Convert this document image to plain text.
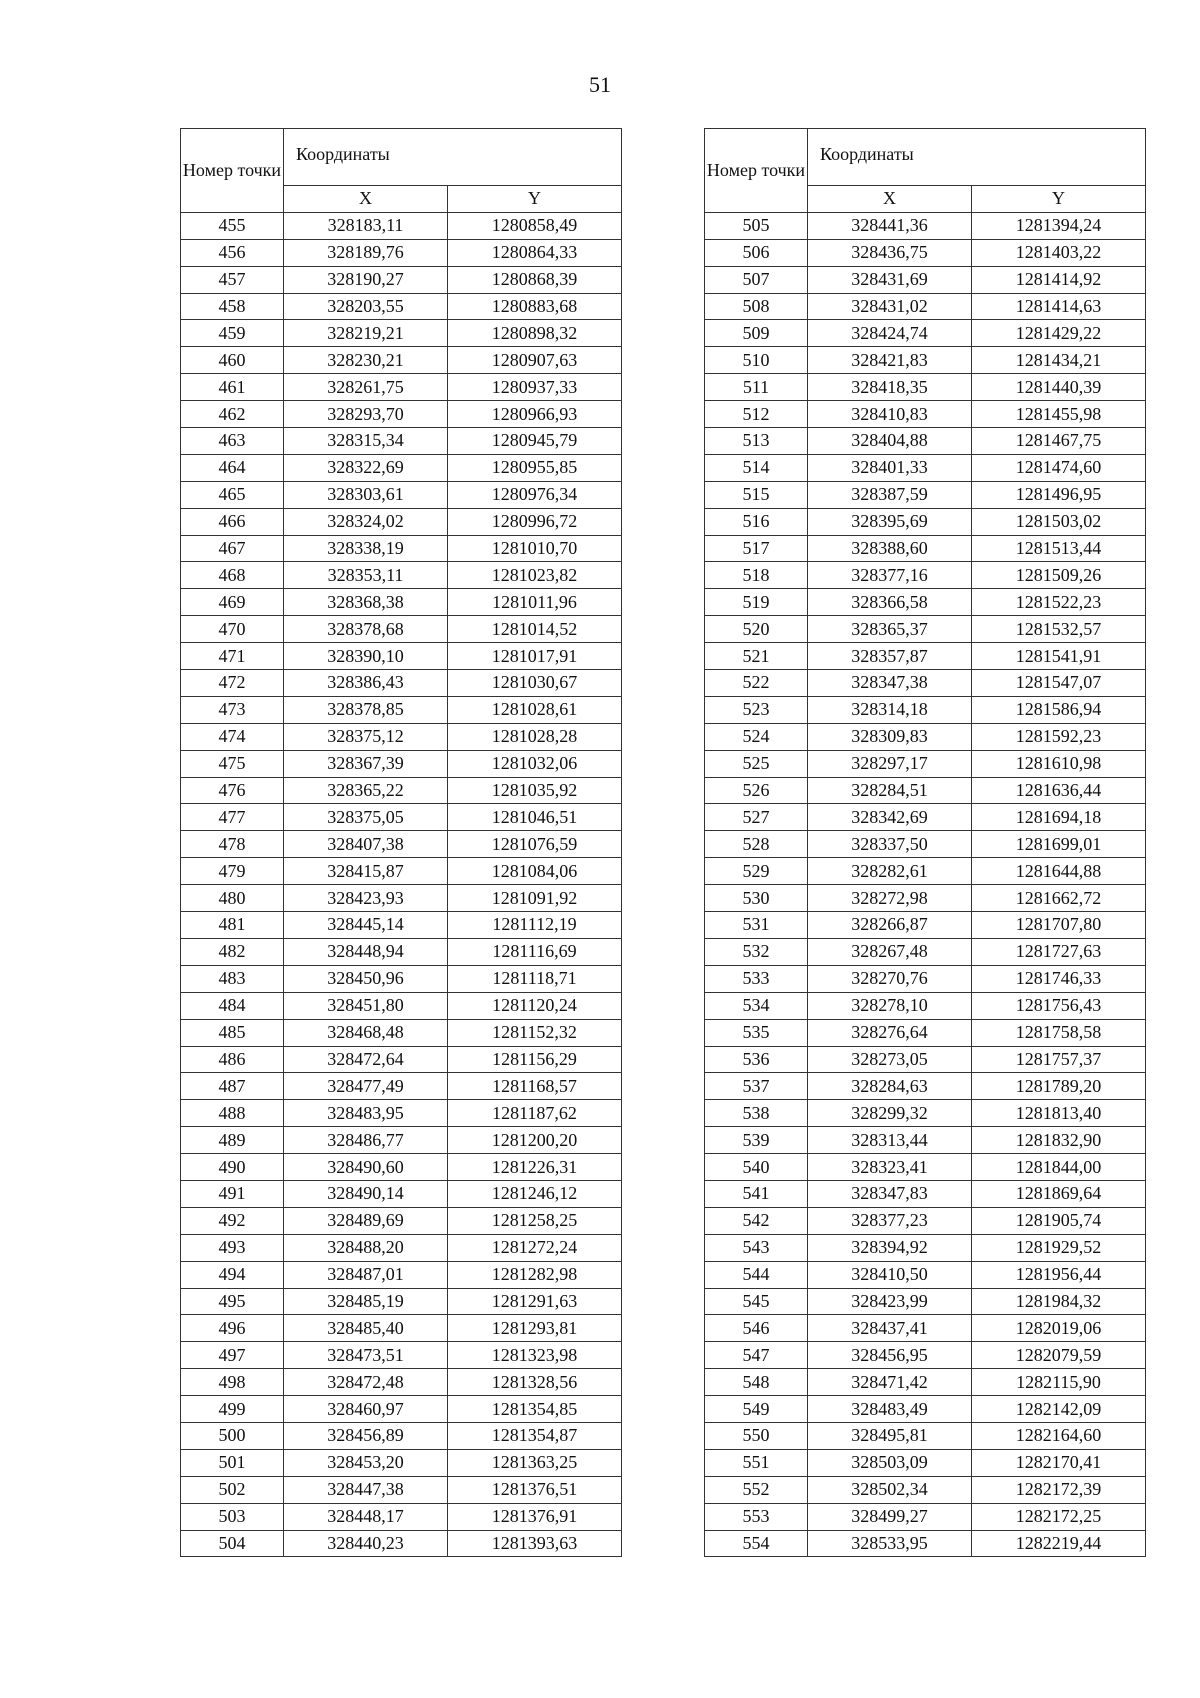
51
Номер точки	Координаты	
	X	Y
455	328183,11	1280858,49
456	328189,76	1280864,33
457	328190,27	1280868,39
458	328203,55	1280883,68
459	328219,21	1280898,32
460	328230,21	1280907,63
461	328261,75	1280937,33
462	328293,70	1280966,93
463	328315,34	1280945,79
464	328322,69	1280955,85
465	328303,61	1280976,34
466	328324,02	1280996,72
467	328338,19	1281010,70
468	328353,11	1281023,82
469	328368,38	1281011,96
470	328378,68	1281014,52
471	328390,10	1281017,91
472	328386,43	1281030,67
473	328378,85	1281028,61
474	328375,12	1281028,28
475	328367,39	1281032,06
476	328365,22	1281035,92
477	328375,05	1281046,51
478	328407,38	1281076,59
479	328415,87	1281084,06
480	328423,93	1281091,92
481	328445,14	1281112,19
482	328448,94	1281116,69
483	328450,96	1281118,71
484	328451,80	1281120,24
485	328468,48	1281152,32
486	328472,64	1281156,29
487	328477,49	1281168,57
488	328483,95	1281187,62
489	328486,77	1281200,20
490	328490,60	1281226,31
491	328490,14	1281246,12
492	328489,69	1281258,25
493	328488,20	1281272,24
494	328487,01	1281282,98
495	328485,19	1281291,63
496	328485,40	1281293,81
497	328473,51	1281323,98
498	328472,48	1281328,56
499	328460,97	1281354,85
500	328456,89	1281354,87
501	328453,20	1281363,25
502	328447,38	1281376,51
503	328448,17	1281376,91
504	328440,23	1281393,63
Номер точки	Координаты	
	X	Y
505	328441,36	1281394,24
506	328436,75	1281403,22
507	328431,69	1281414,92
508	328431,02	1281414,63
509	328424,74	1281429,22
510	328421,83	1281434,21
511	328418,35	1281440,39
512	328410,83	1281455,98
513	328404,88	1281467,75
514	328401,33	1281474,60
515	328387,59	1281496,95
516	328395,69	1281503,02
517	328388,60	1281513,44
518	328377,16	1281509,26
519	328366,58	1281522,23
520	328365,37	1281532,57
521	328357,87	1281541,91
522	328347,38	1281547,07
523	328314,18	1281586,94
524	328309,83	1281592,23
525	328297,17	1281610,98
526	328284,51	1281636,44
527	328342,69	1281694,18
528	328337,50	1281699,01
529	328282,61	1281644,88
530	328272,98	1281662,72
531	328266,87	1281707,80
532	328267,48	1281727,63
533	328270,76	1281746,33
534	328278,10	1281756,43
535	328276,64	1281758,58
536	328273,05	1281757,37
537	328284,63	1281789,20
538	328299,32	1281813,40
539	328313,44	1281832,90
540	328323,41	1281844,00
541	328347,83	1281869,64
542	328377,23	1281905,74
543	328394,92	1281929,52
544	328410,50	1281956,44
545	328423,99	1281984,32
546	328437,41	1282019,06
547	328456,95	1282079,59
548	328471,42	1282115,90
549	328483,49	1282142,09
550	328495,81	1282164,60
551	328503,09	1282170,41
552	328502,34	1282172,39
553	328499,27	1282172,25
554	328533,95	1282219,44
